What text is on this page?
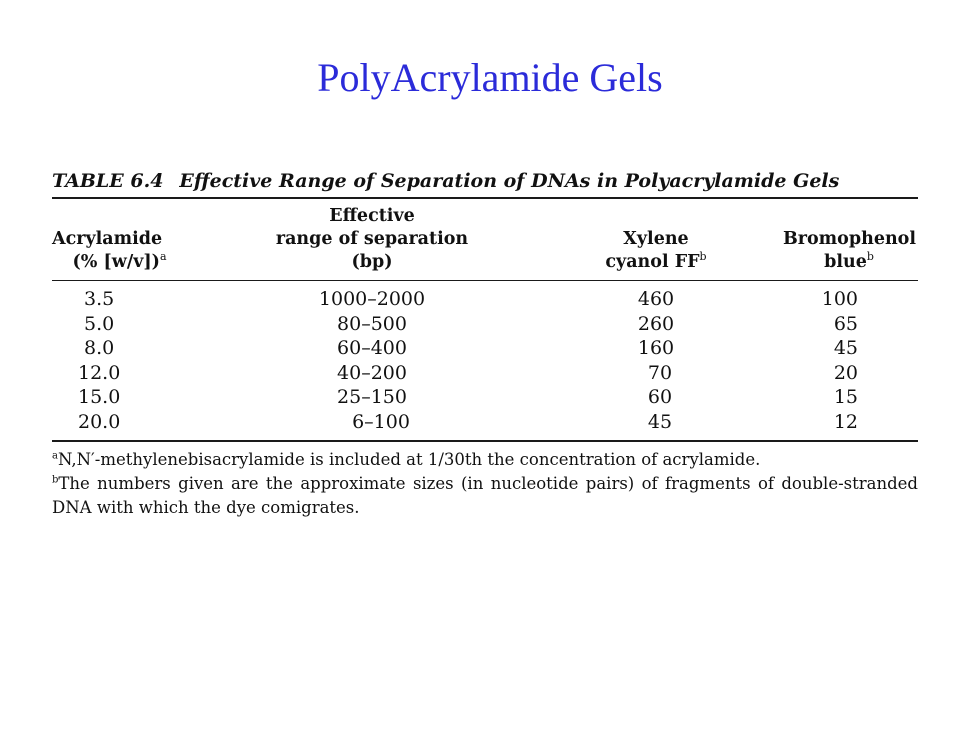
PolyAcrylamide Gels
TABLE 6.4 Effective Range of Separation of DNAs in Polyacrylamide Gels
Acrylamide
(% [w/v])$^a$

Effective
range of separation
(bp)

Xylene
cyanol $FF^b$

Bromophenol
blue$^b$

3.5	1000–2000	460	100
5.0	80–500	260	65
8.0	60–400	160	45
12.0	40–200	70	20
15.0	25–150	60	15
20.0	6–100	45	12

$^a$N,N′-methylenebisacrylamide is included at 1/30th the concentration of acrylamide.

$^b$The numbers given are the approximate sizes (in nucleotide pairs) of fragments of double-stranded DNA with which the dye comigrates.
